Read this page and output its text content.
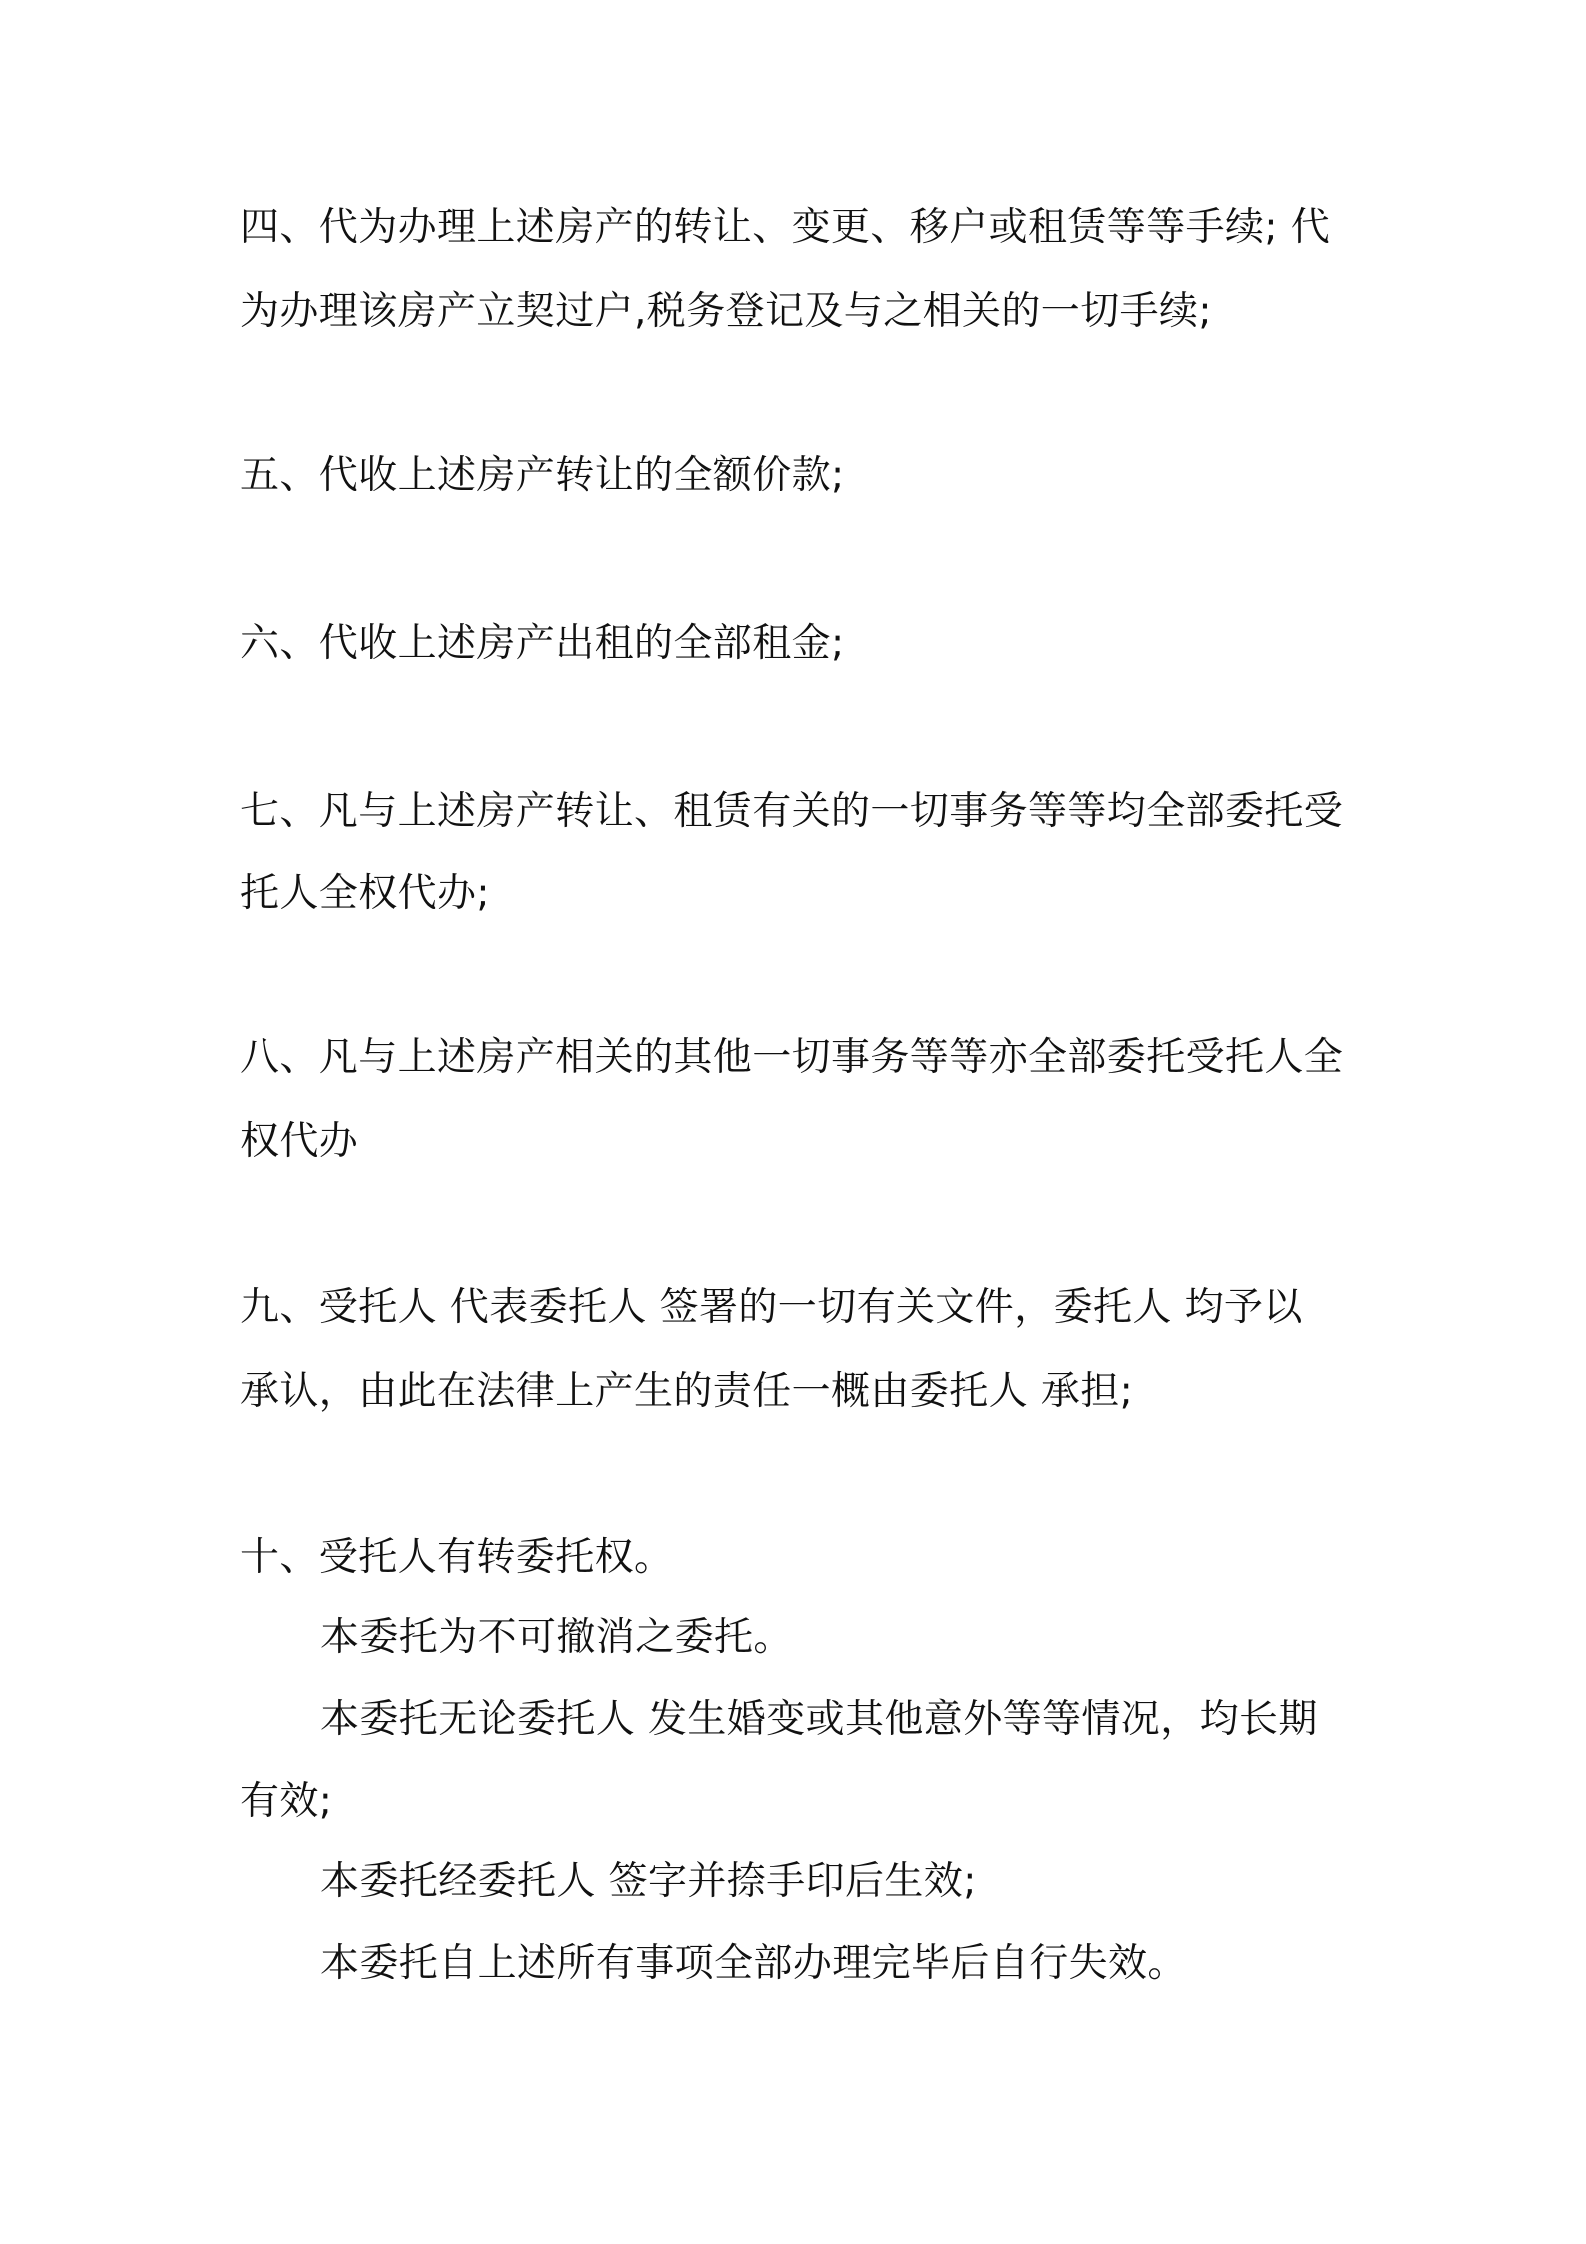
四、代为办理上述房产的转让、变更、移户或租赁等等手续; 代

为办理该房产立契过户,税务登记及与之相关的一切手续;

五、代收上述房产转让的全额价款;

六、代收上述房产出租的全部租金;

七、凡与上述房产转让、租赁有关的一切事务等等均全部委托受

托人全权代办;

八、凡与上述房产相关的其他一切事务等等亦全部委托受托人全

权代办

九、受托人 代表委托人 签署的一切有关文件，委托人 均予以

承认，由此在法律上产生的责任一概由委托人 承担;

十、受托人有转委托权。

本委托为不可撤消之委托。

本委托无论委托人 发生婚变或其他意外等等情况，均长期

有效;

本委托经委托人 签字并捺手印后生效;

本委托自上述所有事项全部办理完毕后自行失效。
